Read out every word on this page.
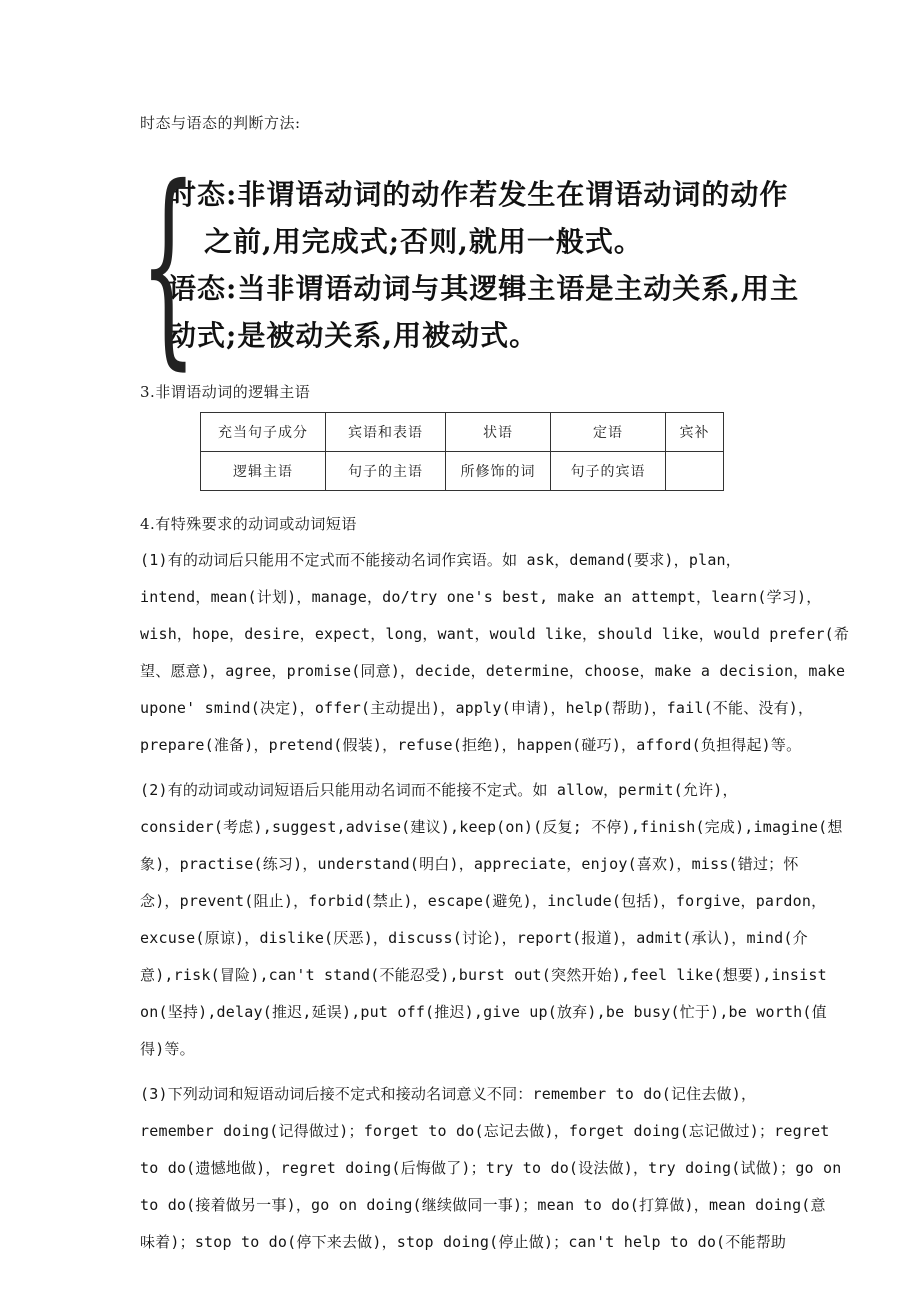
时态与语态的判断方法:
{
时态:非谓语动词的动作若发生在谓语动词的动作
之前,用完成式;否则,就用一般式。
语态:当非谓语动词与其逻辑主语是主动关系,用主
动式;是被动关系,用被动式。
3.非谓语动词的逻辑主语
充当句子成分	宾语和表语	状语	定语	宾补
逻辑主语	句子的主语	所修饰的词	句子的宾语	
4.有特殊要求的动词或动词短语
(1)有的动词后只能用不定式而不能接动名词作宾语。如 ask，demand(要求)，plan，
intend，mean(计划)，manage，do/try one's best, make an attempt，learn(学习)，
wish，hope，desire，expect，long，want，would like，should like，would prefer(希
望、愿意)，agree，promise(同意)，decide，determine，choose，make a decision，make
upone' smind(决定)，offer(主动提出)，apply(申请)，help(帮助)，fail(不能、没有)，
prepare(准备)，pretend(假装)，refuse(拒绝)，happen(碰巧)，afford(负担得起)等。
(2)有的动词或动词短语后只能用动名词而不能接不定式。如 allow，permit(允许)，
consider(考虑),suggest,advise(建议),keep(on)(反复; 不停),finish(完成),imagine(想
象)，practise(练习)，understand(明白)，appreciate，enjoy(喜欢)，miss(错过；怀
念)，prevent(阻止)，forbid(禁止)，escape(避免)，include(包括)，forgive，pardon，
excuse(原谅)，dislike(厌恶)，discuss(讨论)，report(报道)，admit(承认)，mind(介
意),risk(冒险),can't stand(不能忍受),burst out(突然开始),feel like(想要),insist
on(坚持),delay(推迟,延误),put off(推迟),give up(放弃),be busy(忙于),be worth(值
得)等。
(3)下列动词和短语动词后接不定式和接动名词意义不同：remember to do(记住去做)，
remember doing(记得做过)；forget to do(忘记去做)，forget doing(忘记做过)；regret
to do(遗憾地做)，regret doing(后悔做了)；try to do(设法做)，try doing(试做)；go on
to do(接着做另一事)，go on doing(继续做同一事)；mean to do(打算做)，mean doing(意
味着)；stop to do(停下来去做)，stop doing(停止做)；can't help to do(不能帮助
